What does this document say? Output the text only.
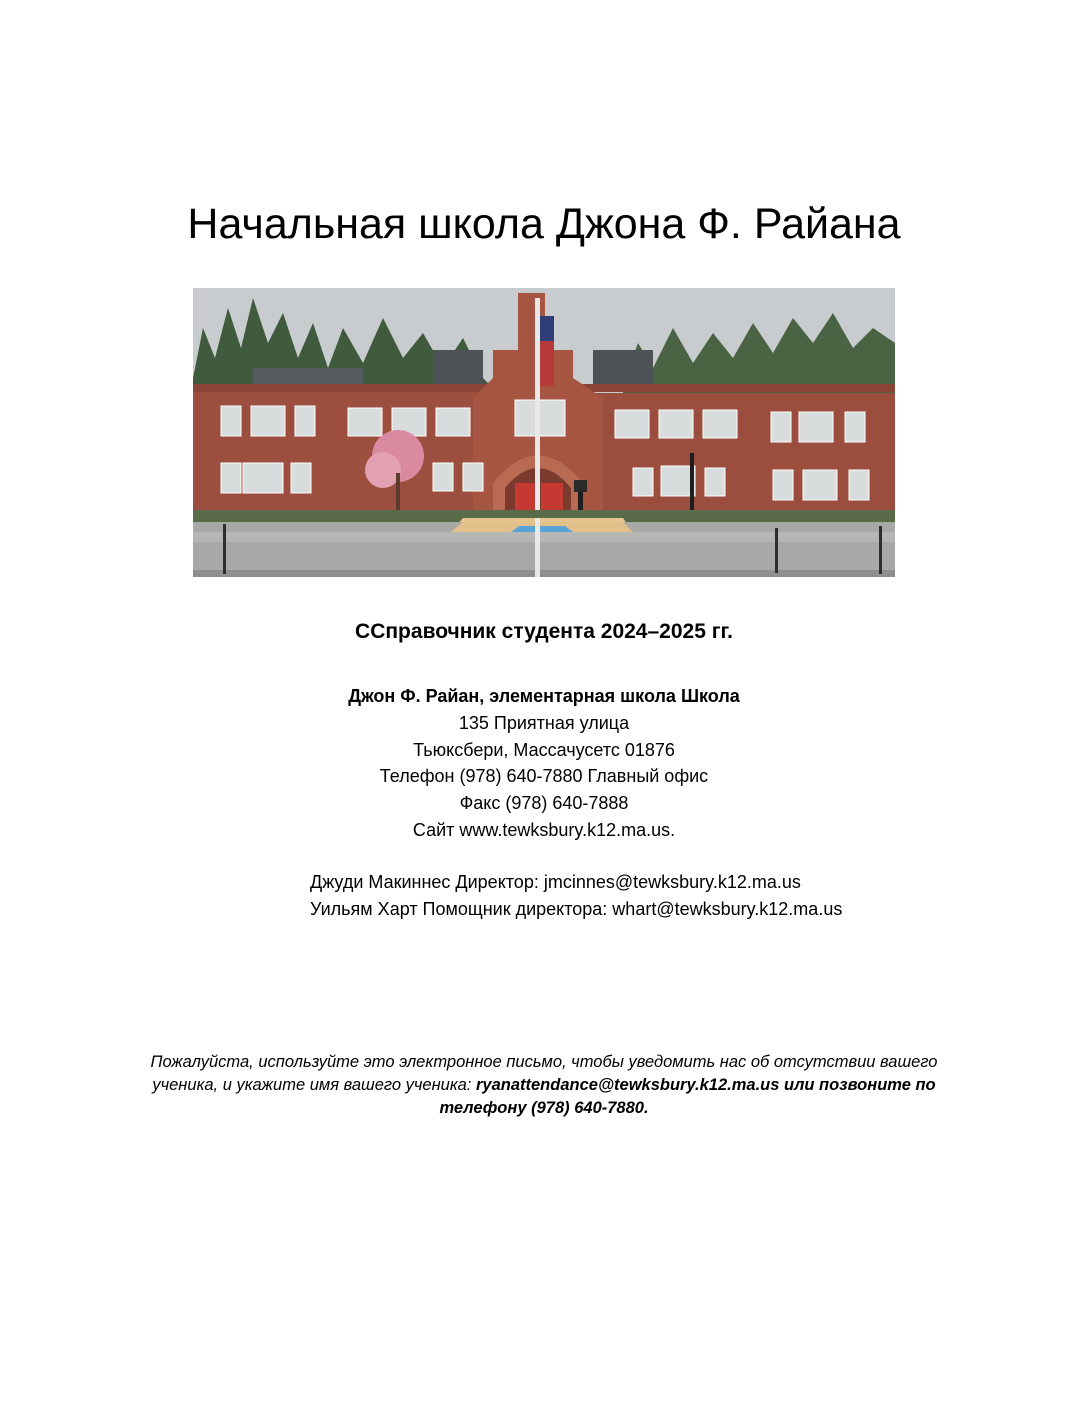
Начальная школа Джона Ф. Райана
ССправочник студента 2024–2025 гг.
Джон Ф. Райан, элементарная школа Школа
135 Приятная улица
Тьюксбери, Массачусетс 01876
Телефон (978) 640-7880 Главный офис
Факс (978) 640-7888
Сайт www.tewksbury.k12.ma.us.
Джуди Макиннес Директор: jmcinnes@tewksbury.k12.ma.us
Уильям Харт Помощник директора: whart@tewksbury.k12.ma.us
Пожалуйста, используйте это электронное письмо, чтобы уведомить нас об отсутствии вашего ученика, и укажите имя вашего ученика: ryanattendance@tewksbury.k12.ma.us или позвоните по телефону (978) 640-7880.
